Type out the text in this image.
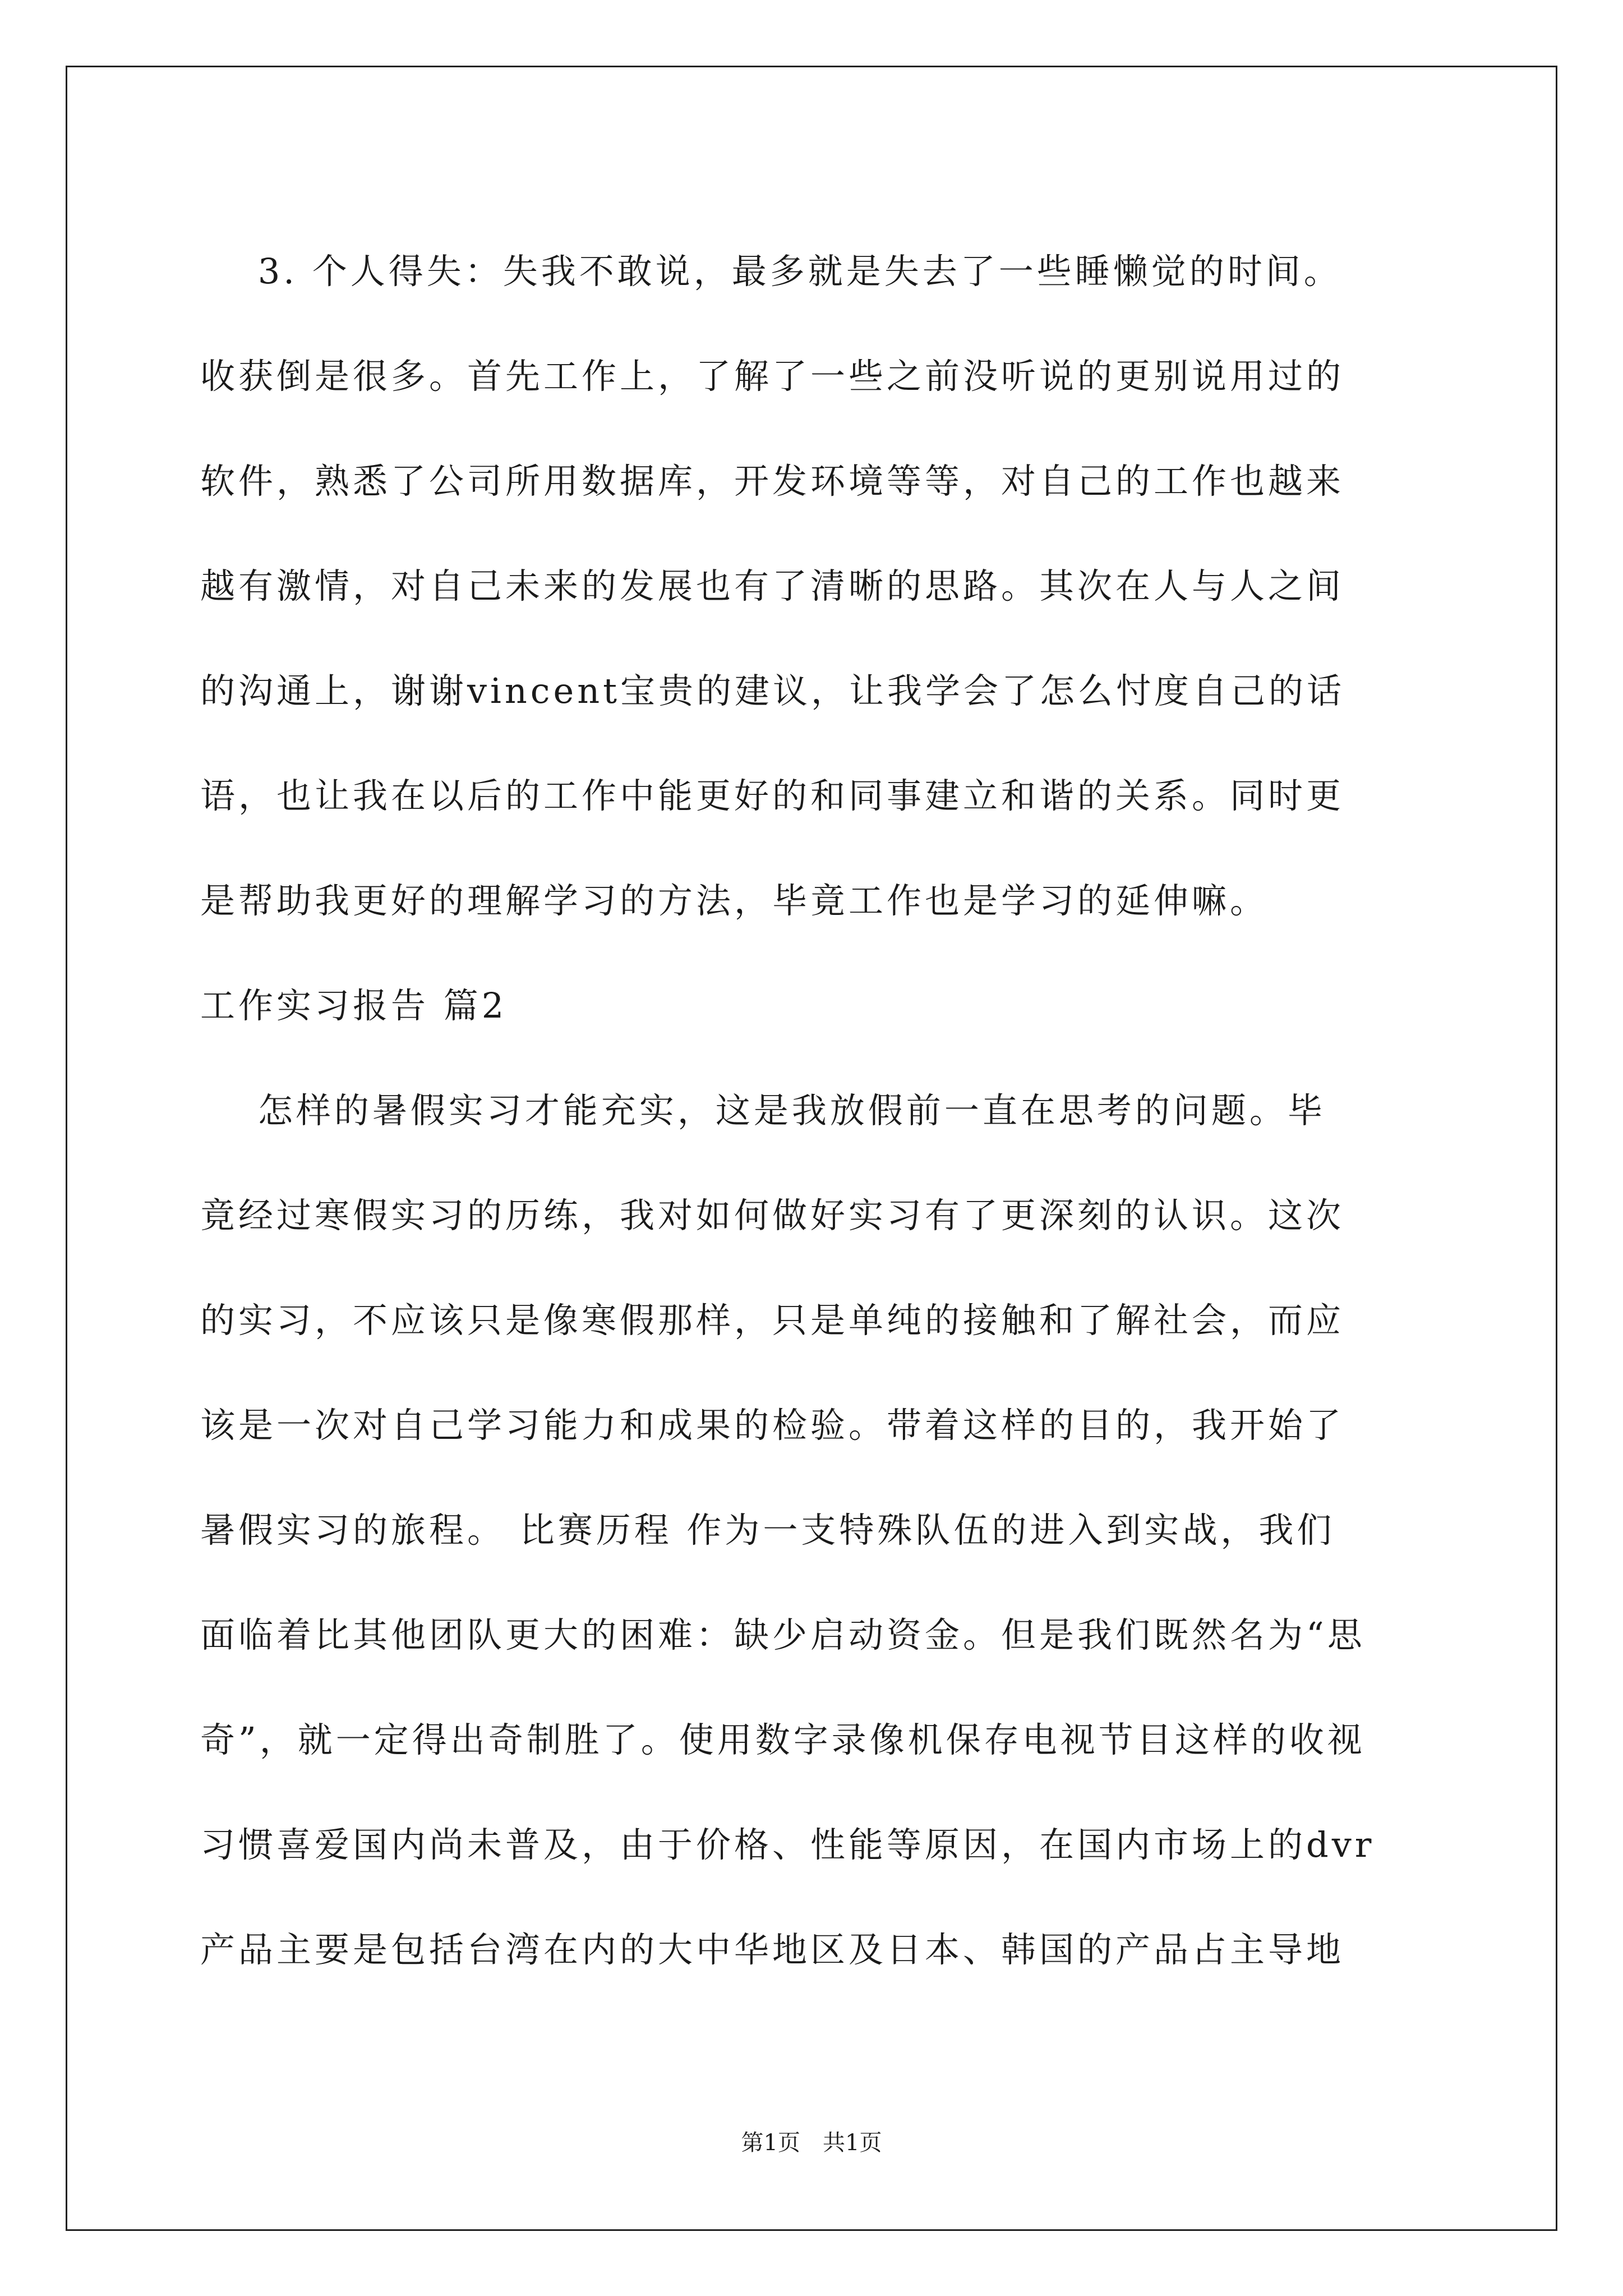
3. 个人得失：失我不敢说，最多就是失去了一些睡懒觉的时间。
收获倒是很多。首先工作上，了解了一些之前没听说的更别说用过的
软件，熟悉了公司所用数据库，开发环境等等，对自己的工作也越来
越有激情，对自己未来的发展也有了清晰的思路。其次在人与人之间
的沟通上，谢谢vincent宝贵的建议，让我学会了怎么忖度自己的话
语，也让我在以后的工作中能更好的和同事建立和谐的关系。同时更
是帮助我更好的理解学习的方法，毕竟工作也是学习的延伸嘛。
工作实习报告 篇2
怎样的暑假实习才能充实，这是我放假前一直在思考的问题。毕
竟经过寒假实习的历练，我对如何做好实习有了更深刻的认识。这次
的实习，不应该只是像寒假那样，只是单纯的接触和了解社会，而应
该是一次对自己学习能力和成果的检验。带着这样的目的，我开始了
暑假实习的旅程。 比赛历程 作为一支特殊队伍的进入到实战，我们
面临着比其他团队更大的困难：缺少启动资金。但是我们既然名为“思
奇”，就一定得出奇制胜了。使用数字录像机保存电视节目这样的收视
习惯喜爱国内尚未普及，由于价格、性能等原因，在国内市场上的dvr
产品主要是包括台湾在内的大中华地区及日本、韩国的产品占主导地
第1页　共1页
